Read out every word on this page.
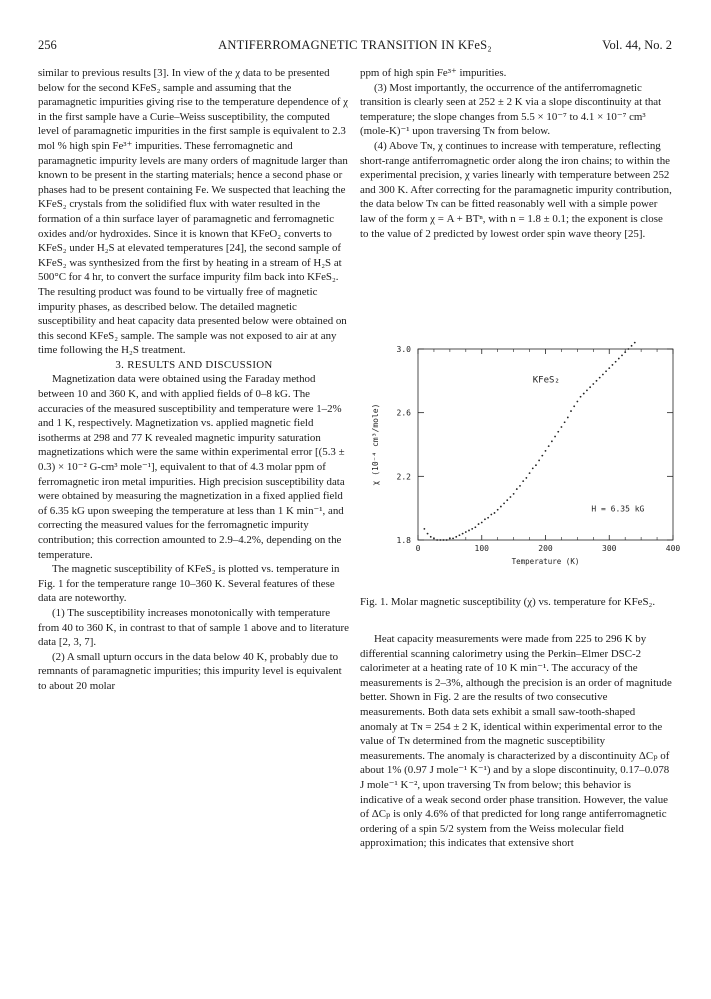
256	ANTIFERROMAGNETIC TRANSITION IN KFeS₂	Vol. 44, No. 2

similar to previous results [3]. In view of the χ data to be presented below for the second KFeS₂ sample and assuming that the paramagnetic impurities giving rise to the temperature dependence of χ in the first sample have a Curie–Weiss susceptibility, the computed level of paramagnetic impurities in the first sample is equivalent to 2.3 mol % high spin Fe³⁺ impurities. These ferromagnetic and paramagnetic impurity levels are many orders of magnitude larger than known to be present in the starting materials; hence a second phase or phases had to be present containing Fe. We suspected that leaching the KFeS₂ crystals from the solidified flux with water resulted in the formation of a thin surface layer of paramagnetic and ferromagnetic oxides and/or hydroxides. Since it is known that KFeO₂ converts to KFeS₂ under H₂S at elevated temperatures [24], the second sample of KFeS₂ was synthesized from the first by heating in a stream of H₂S at 500°C for 4 hr, to convert the surface impurity film back into KFeS₂. The resulting product was found to be virtually free of magnetic impurity phases, as described below. The detailed magnetic susceptibility and heat capacity data presented below were obtained on this second KFeS₂ sample. The sample was not exposed to air at any time following the H₂S treatment.

3. RESULTS AND DISCUSSION

Magnetization data were obtained using the Faraday method between 10 and 360 K, and with applied fields of 0–8 kG. The accuracies of the measured susceptibility and temperature were 1–2% and 1 K, respectively. Magnetization vs. applied magnetic field isotherms at 298 and 77 K revealed magnetic impurity saturation magnetizations which were the same within experimental error [(5.3 ± 0.3) × 10⁻² G-cm³ mole⁻¹], equivalent to that of 4.3 molar ppm of ferromagnetic iron metal impurities. High precision susceptibility data were obtained by measuring the magnetization in a fixed applied field of 6.35 kG upon sweeping the temperature at less than 1 K min⁻¹, and correcting the measured values for the ferromagnetic impurity contribution; this correction amounted to 2.9–4.2%, depending on the temperature.

The magnetic susceptibility of KFeS₂ is plotted vs. temperature in Fig. 1 for the temperature range 10–360 K. Several features of these data are noteworthy.

(1) The susceptibility increases monotonically with temperature from 40 to 360 K, in contrast to that of sample 1 above and to literature data [2, 3, 7].

(2) A small upturn occurs in the data below 40 K, probably due to remnants of paramagnetic impurities; this impurity level is equivalent to about 20 molar

ppm of high spin Fe³⁺ impurities.

(3) Most importantly, the occurrence of the antiferromagnetic transition is clearly seen at 252 ± 2 K via a slope discontinuity at that temperature; the slope changes from 5.5 × 10⁻⁷ to 4.1 × 10⁻⁷ cm³ (mole-K)⁻¹ upon traversing Tɴ from below.

(4) Above Tɴ, χ continues to increase with temperature, reflecting short-range antiferromagnetic order along the iron chains; to within the experimental precision, χ varies linearly with temperature between 252 and 300 K. After correcting for the paramagnetic impurity contribution, the data below Tɴ can be fitted reasonably well with a simple power law of the form χ = A + BTⁿ, with n = 1.8 ± 0.1; the exponent is close to the value of 2 predicted by lowest order spin wave theory [25].

0	100	200	300	400
1.8
2.2
2.6
3.0
KFeS₂
H = 6.35 kG
Temperature (K)
χ (10⁻⁴ cm³/mole)

Fig. 1. Molar magnetic susceptibility (χ) vs. temperature for KFeS₂.

Heat capacity measurements were made from 225 to 296 K by differential scanning calorimetry using the Perkin–Elmer DSC-2 calorimeter at a heating rate of 10 K min⁻¹. The accuracy of the measurements is 2–3%, although the precision is an order of magnitude better. Shown in Fig. 2 are the results of two consecutive measurements. Both data sets exhibit a small saw-tooth-shaped anomaly at Tɴ = 254 ± 2 K, identical within experimental error to the value of Tɴ determined from the magnetic susceptibility measurements. The anomaly is characterized by a discontinuity ΔCₚ of about 1% (0.97 J mole⁻¹ K⁻¹) and by a slope discontinuity, 0.17–0.078 J mole⁻¹ K⁻², upon traversing Tɴ from below; this behavior is indicative of a weak second order phase transition. However, the value of ΔCₚ is only 4.6% of that predicted for long range antiferromagnetic ordering of a spin 5/2 system from the Weiss molecular field approximation; this indicates that extensive short
